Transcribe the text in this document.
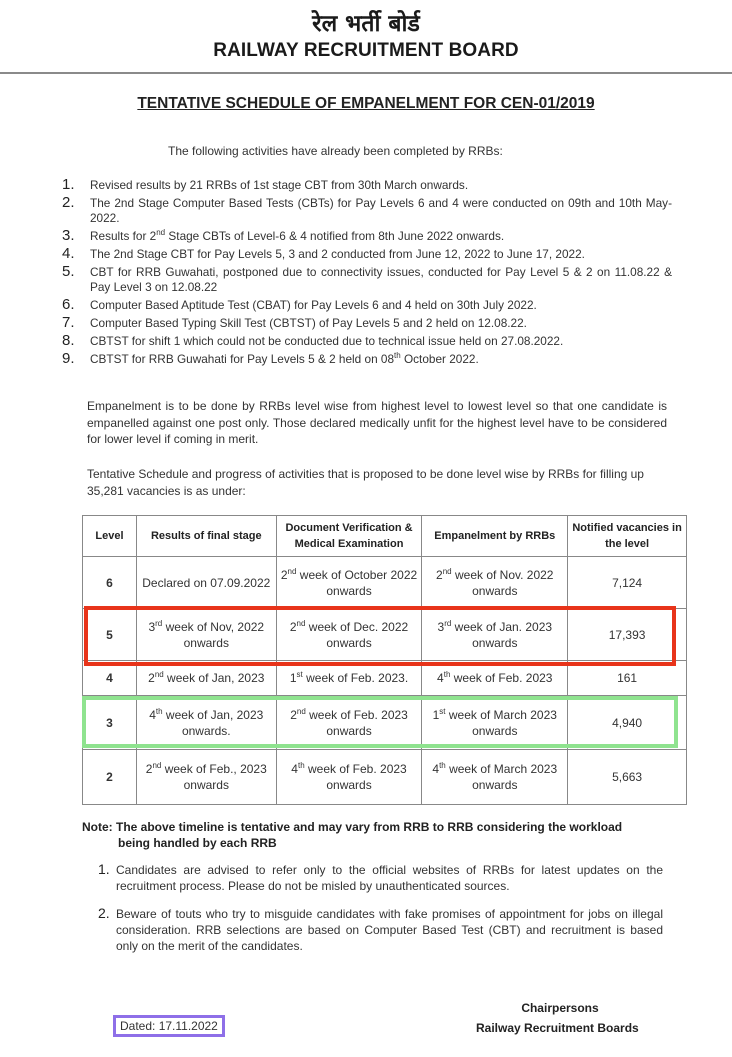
रेल भर्ती बोर्ड
RAILWAY RECRUITMENT BOARD
TENTATIVE SCHEDULE OF EMPANELMENT FOR CEN-01/2019
The following activities have already been completed by RRBs:
1. Revised results by 21 RRBs of 1st stage CBT from 30th March onwards.
2. The 2nd Stage Computer Based Tests (CBTs) for Pay Levels 6 and 4 were conducted on 09th and 10th May-2022.
3. Results for 2nd Stage CBTs of Level-6 & 4 notified from 8th June 2022 onwards.
4. The 2nd Stage CBT for Pay Levels 5, 3 and 2 conducted from June 12, 2022 to June 17, 2022.
5. CBT for RRB Guwahati, postponed due to connectivity issues, conducted for Pay Level 5 & 2 on 11.08.22 & Pay Level 3 on 12.08.22
6. Computer Based Aptitude Test (CBAT) for Pay Levels 6 and 4 held on 30th July 2022.
7. Computer Based Typing Skill Test (CBTST) of Pay Levels 5 and 2 held on 12.08.22.
8. CBTST for shift 1 which could not be conducted due to technical issue held on 27.08.2022.
9. CBTST for RRB Guwahati for Pay Levels 5 & 2 held on 08th October 2022.
Empanelment is to be done by RRBs level wise from highest level to lowest level so that one candidate is empanelled against one post only. Those declared medically unfit for the highest level have to be considered for lower level if coming in merit.
Tentative Schedule and progress of activities that is proposed to be done level wise by RRBs for filling up 35,281 vacancies is as under:
Level	Results of final stage	Document Verification & Medical Examination	Empanelment by RRBs	Notified vacancies in the level
6	Declared on 07.09.2022	2nd week of October 2022 onwards	2nd week of Nov. 2022 onwards	7,124
5	3rd week of Nov, 2022 onwards	2nd week of Dec. 2022 onwards	3rd week of Jan. 2023 onwards	17,393
4	2nd week of Jan, 2023	1st week of Feb. 2023.	4th week of Feb. 2023	161
3	4th week of Jan, 2023 onwards.	2nd week of Feb. 2023 onwards	1st week of March 2023 onwards	4,940
2	2nd week of Feb., 2023 onwards	4th week of Feb. 2023 onwards	4th week of March 2023 onwards	5,663
Note: The above timeline is tentative and may vary from RRB to RRB considering the workload
being handled by each RRB
1. Candidates are advised to refer only to the official websites of RRBs for latest updates on the recruitment process. Please do not be misled by unauthenticated sources.
2. Beware of touts who try to misguide candidates with fake promises of appointment for jobs on illegal consideration. RRB selections are based on Computer Based Test (CBT) and recruitment is based only on the merit of the candidates.
Chairpersons
Railway Recruitment Boards
Dated: 17.11.2022
